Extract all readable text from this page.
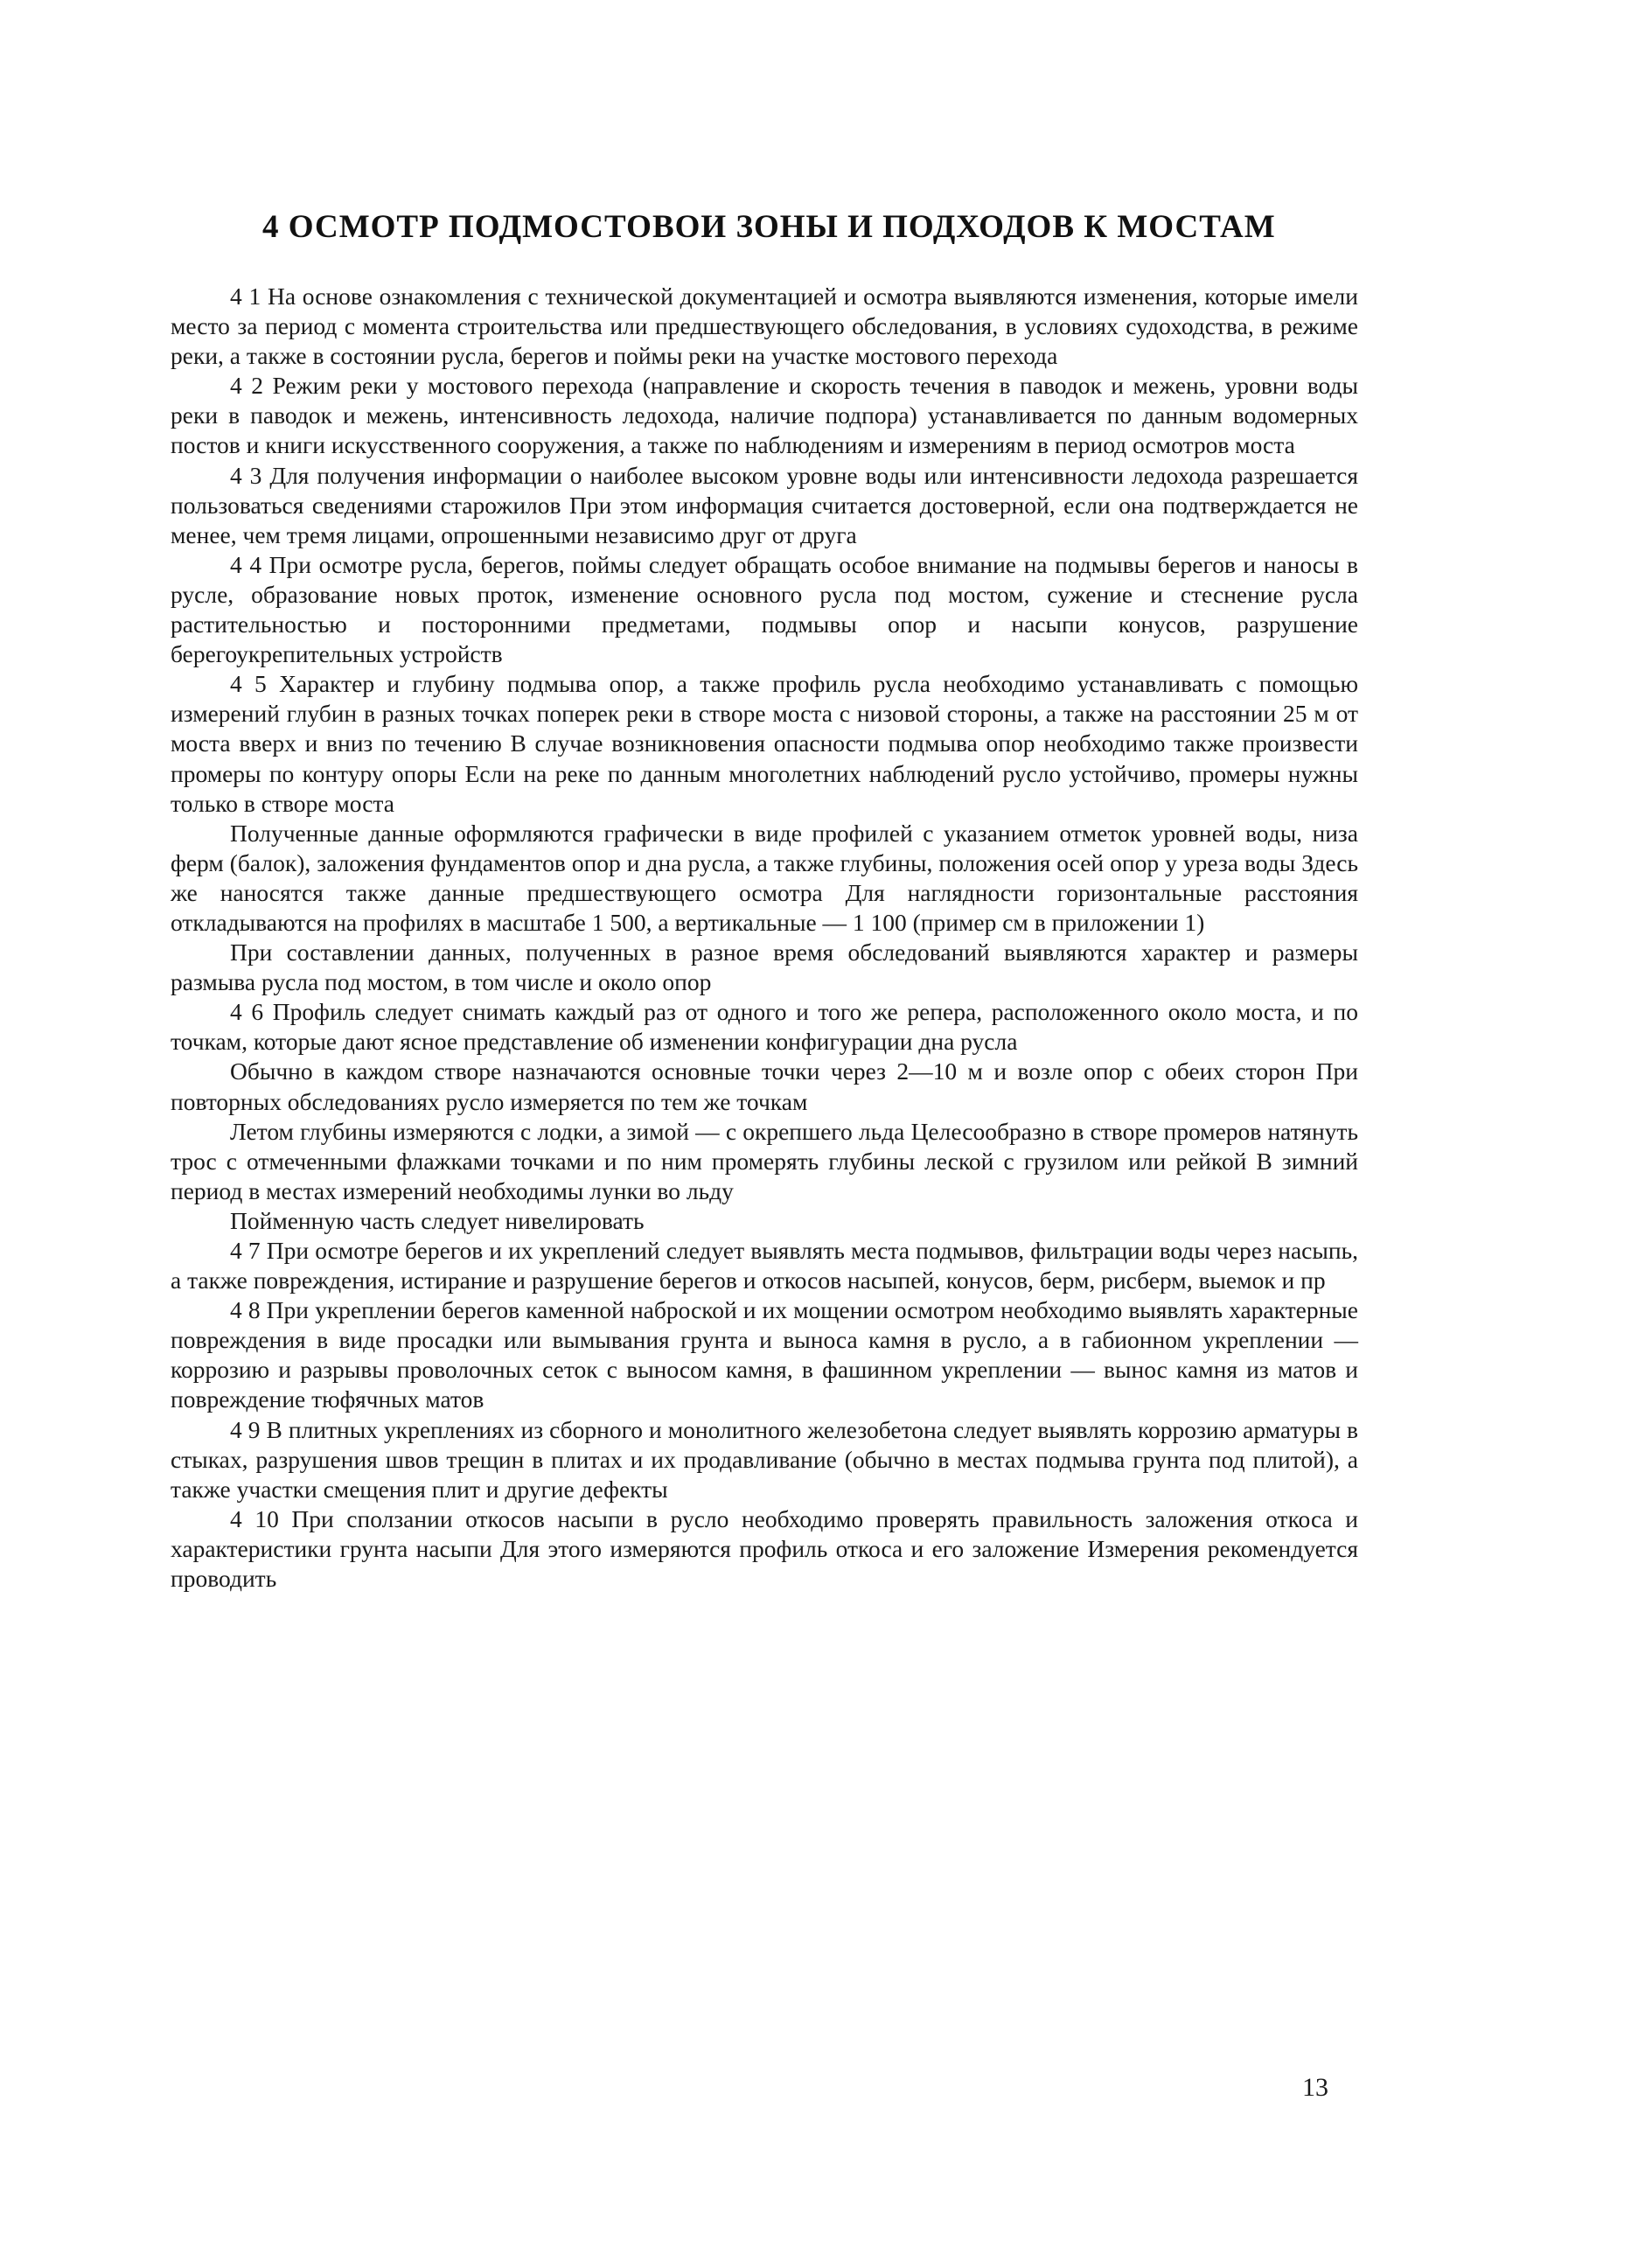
4 ОСМОТР ПОДМОСТОВОИ ЗОНЫ И ПОДХОДОВ К МОСТАМ

4 1 На основе ознакомления с технической документацией и осмотра выявляются изменения, которые имели место за период с момента строительства или предшествующего обследования, в условиях судоходства, в режиме реки, а также в состоянии русла, берегов и поймы реки на участке мостового перехода

4 2 Режим реки у мостового перехода (направление и скорость течения в паводок и межень, уровни воды реки в паводок и межень, интенсивность ледохода, наличие подпора) устанавливается по данным водомерных постов и книги искусственного сооружения, а также по наблюдениям и измерениям в период осмотров моста

4 3 Для получения информации о наиболее высоком уровне воды или интенсивности ледохода разрешается пользоваться сведениями старожилов При этом информация считается достоверной, если она подтверждается не менее, чем тремя лицами, опрошенными независимо друг от друга

4 4 При осмотре русла, берегов, поймы следует обращать особое внимание на подмывы берегов и наносы в русле, образование новых проток, изменение основного русла под мостом, сужение и стеснение русла растительностью и посторонними предметами, подмывы опор и насыпи конусов, разрушение берегоукрепительных устройств

4 5 Характер и глубину подмыва опор, а также профиль русла необходимо устанавливать с помощью измерений глубин в разных точках поперек реки в створе моста с низовой стороны, а также на расстоянии 25 м от моста вверх и вниз по течению В случае возникновения опасности подмыва опор необходимо также произвести промеры по контуру опоры Если на реке по данным многолетних наблюдений русло устойчиво, промеры нужны только в створе моста

Полученные данные оформляются графически в виде профилей с указанием отметок уровней воды, низа ферм (балок), заложения фундаментов опор и дна русла, а также глубины, положения осей опор у уреза воды Здесь же наносятся также данные предшествующего осмотра Для наглядности горизонтальные расстояния откладываются на профилях в масштабе 1 500, а вертикальные — 1 100 (пример см в приложении 1)

При составлении данных, полученных в разное время обследований выявляются характер и размеры размыва русла под мостом, в том числе и около опор

4 6 Профиль следует снимать каждый раз от одного и того же репера, расположенного около моста, и по точкам, которые дают ясное представление об изменении конфигурации дна русла

Обычно в каждом створе назначаются основные точки через 2—10 м и возле опор с обеих сторон При повторных обследованиях русло измеряется по тем же точкам

Летом глубины измеряются с лодки, а зимой — с окрепшего льда Целесообразно в створе промеров натянуть трос с отмеченными флажками точками и по ним промерять глубины леской с грузилом или рейкой В зимний период в местах измерений необходимы лунки во льду

Пойменную часть следует нивелировать

4 7 При осмотре берегов и их укреплений следует выявлять места подмывов, фильтрации воды через насыпь, а также повреждения, истирание и разрушение берегов и откосов насыпей, конусов, берм, рисберм, выемок и пр

4 8 При укреплении берегов каменной наброской и их мощении осмотром необходимо выявлять характерные повреждения в виде просадки или вымывания грунта и выноса камня в русло, а в габионном укреплении — коррозию и разрывы проволочных сеток с выносом камня, в фашинном укреплении — вынос камня из матов и повреждение тюфячных матов

4 9 В плитных укреплениях из сборного и монолитного железобетона следует выявлять коррозию арматуры в стыках, разрушения швов трещин в плитах и их продавливание (обычно в местах подмыва грунта под плитой), а также участки смещения плит и другие дефекты

4 10 При сползании откосов насыпи в русло необходимо проверять правильность заложения откоса и характеристики грунта насыпи Для этого измеряются профиль откоса и его заложение Измерения рекомендуется проводить

13
